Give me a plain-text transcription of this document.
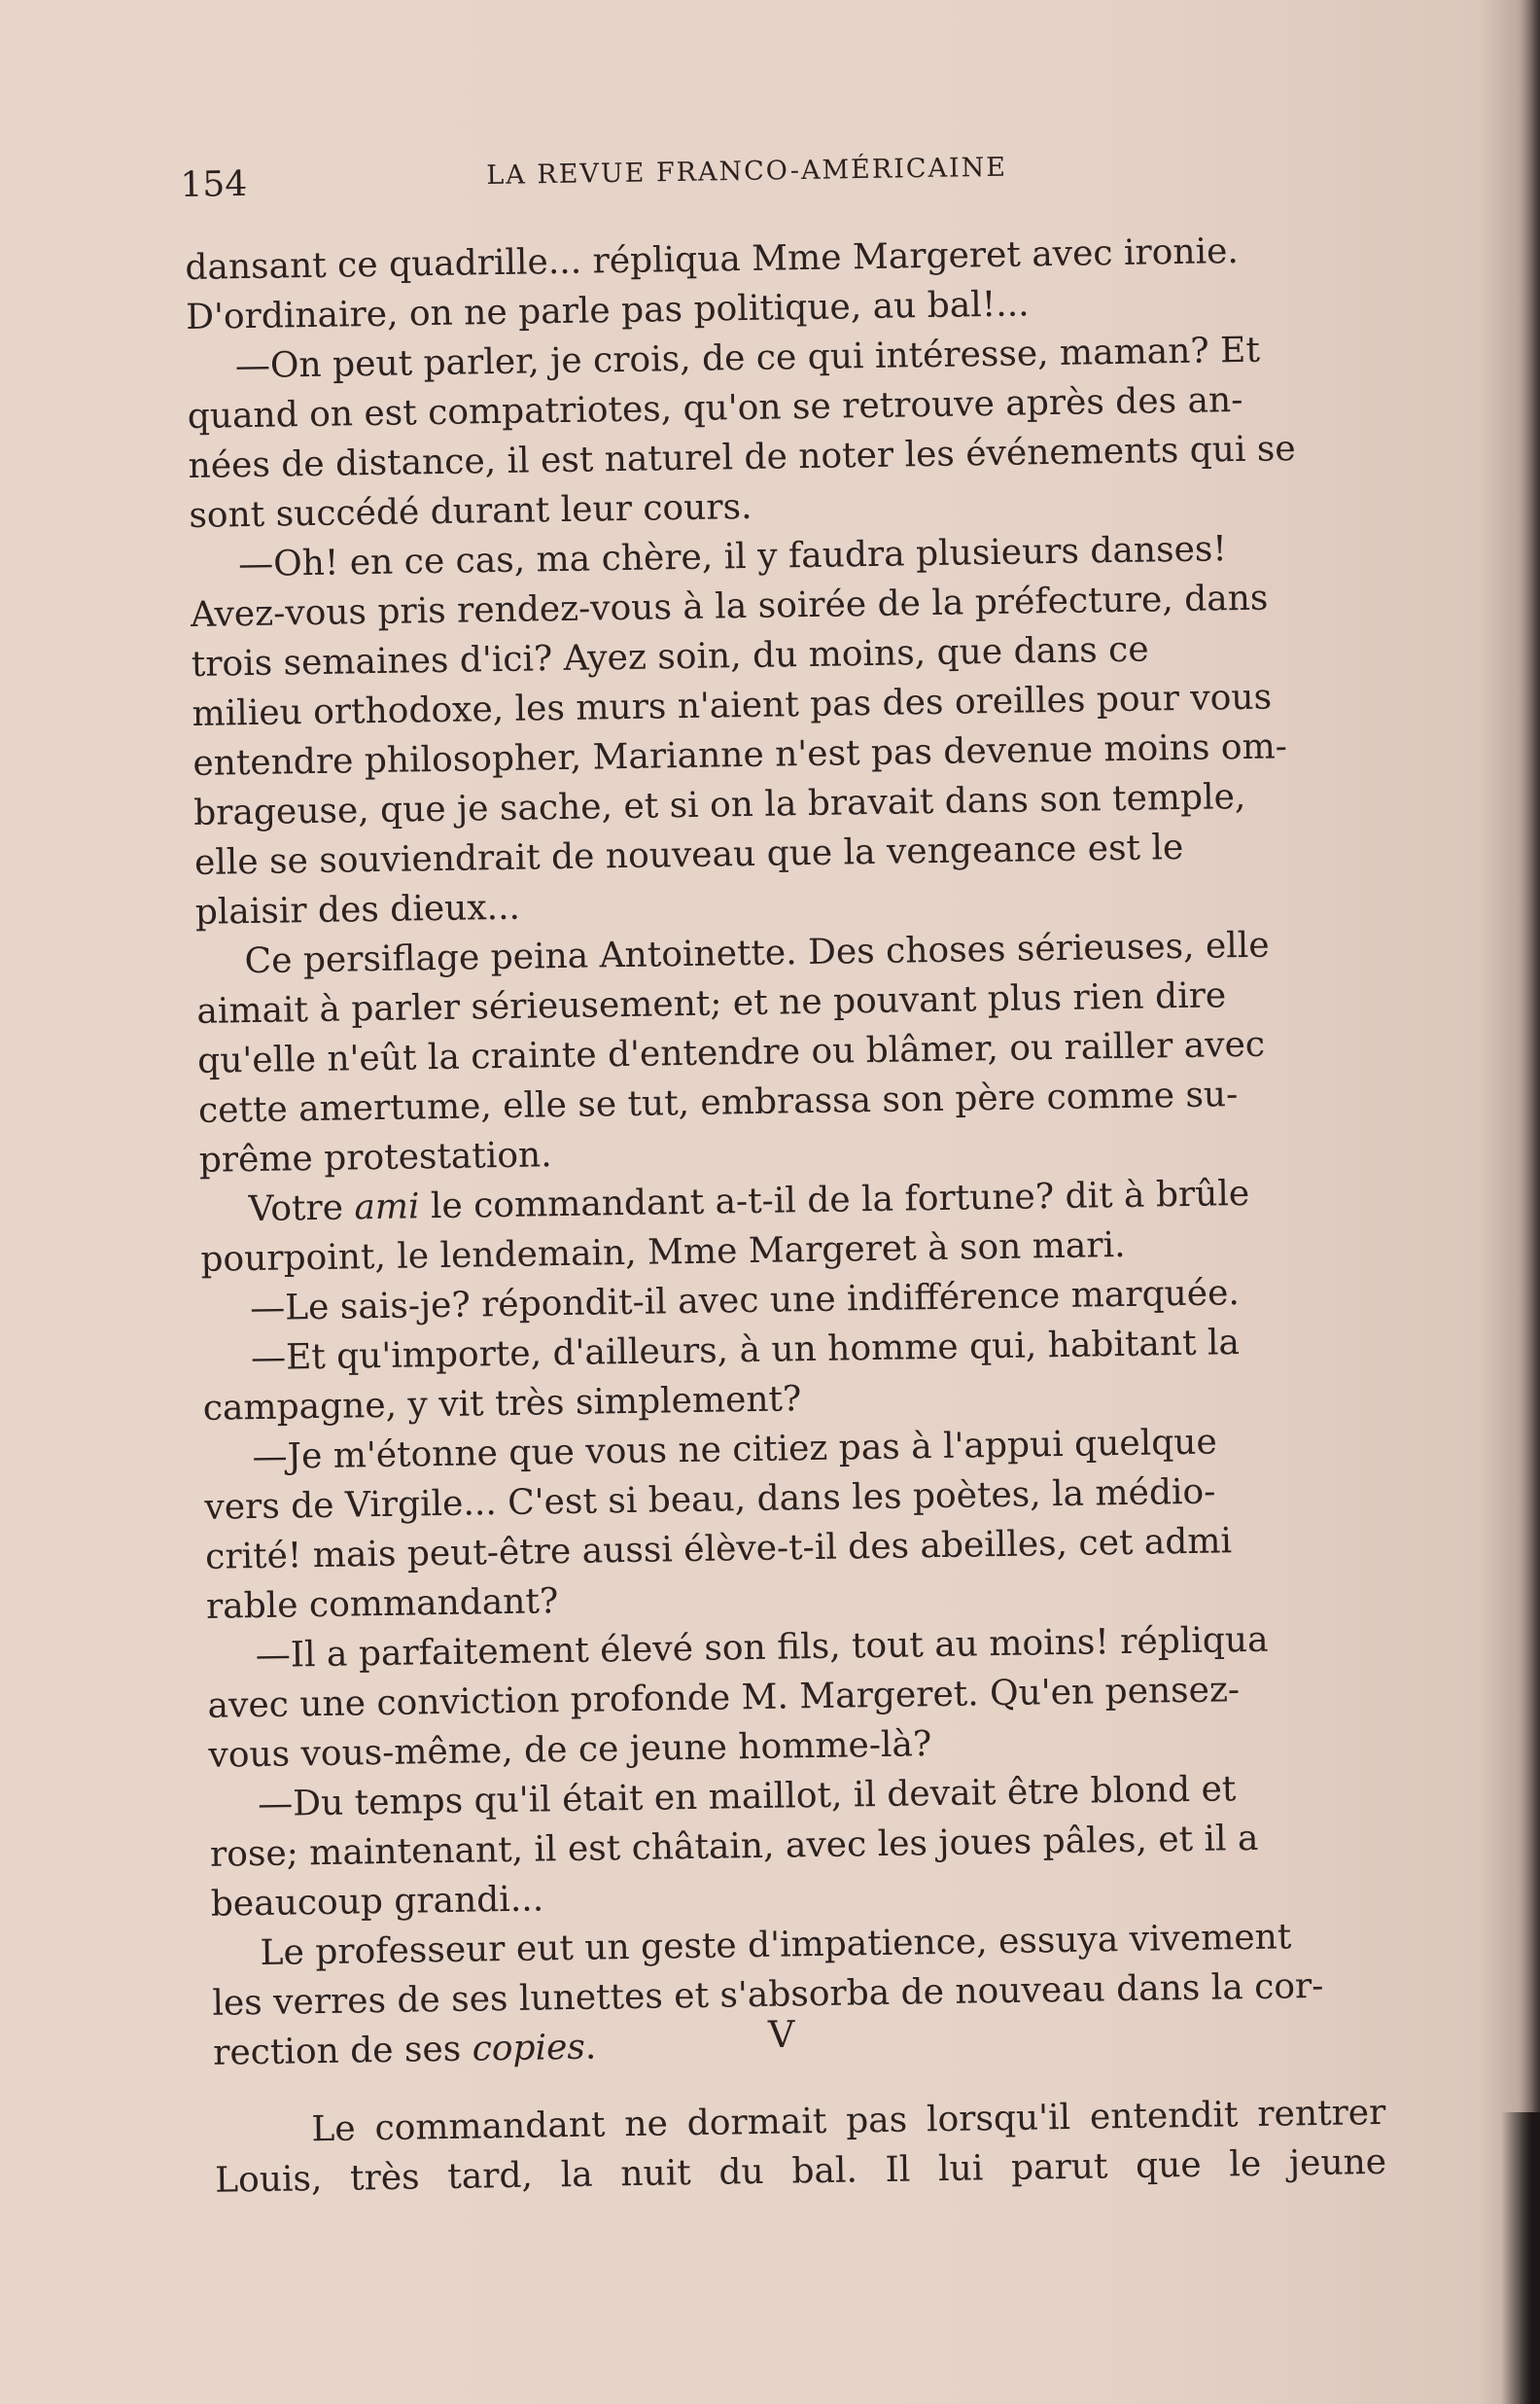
154	LA REVUE FRANCO-AMÉRICAINE
dansant ce quadrille... répliqua Mme Margeret avec ironie.
D'ordinaire, on ne parle pas politique, au bal!...
—On peut parler, je crois, de ce qui intéresse, maman? Et
quand on est compatriotes, qu'on se retrouve après des an-
nées de distance, il est naturel de noter les événements qui se
sont succédé durant leur cours.
—Oh! en ce cas, ma chère, il y faudra plusieurs danses!
Avez-vous pris rendez-vous à la soirée de la préfecture, dans
trois semaines d'ici? Ayez soin, du moins, que dans ce
milieu orthodoxe, les murs n'aient pas des oreilles pour vous
entendre philosopher, Marianne n'est pas devenue moins om-
brageuse, que je sache, et si on la bravait dans son temple,
elle se souviendrait de nouveau que la vengeance est le
plaisir des dieux...
Ce persiflage peina Antoinette. Des choses sérieuses, elle
aimait à parler sérieusement; et ne pouvant plus rien dire
qu'elle n'eût la crainte d'entendre ou blâmer, ou railler avec
cette amertume, elle se tut, embrassa son père comme su-
prême protestation.
Votre ami le commandant a-t-il de la fortune? dit à brûle
pourpoint, le lendemain, Mme Margeret à son mari.
—Le sais-je? répondit-il avec une indifférence marquée.
—Et qu'importe, d'ailleurs, à un homme qui, habitant la
campagne, y vit très simplement?
—Je m'étonne que vous ne citiez pas à l'appui quelque
vers de Virgile... C'est si beau, dans les poètes, la médio-
crité! mais peut-être aussi élève-t-il des abeilles, cet admi
rable commandant?
—Il a parfaitement élevé son fils, tout au moins! répliqua
avec une conviction profonde M. Margeret. Qu'en pensez-
vous vous-même, de ce jeune homme-là?
—Du temps qu'il était en maillot, il devait être blond et
rose; maintenant, il est châtain, avec les joues pâles, et il a
beaucoup grandi...
Le professeur eut un geste d'impatience, essuya vivement
les verres de ses lunettes et s'absorba de nouveau dans la cor-
rection de ses copies.	V
Le commandant ne dormait pas lorsqu'il entendit rentrer
Louis, très tard, la nuit du bal. Il lui parut que le jeune
